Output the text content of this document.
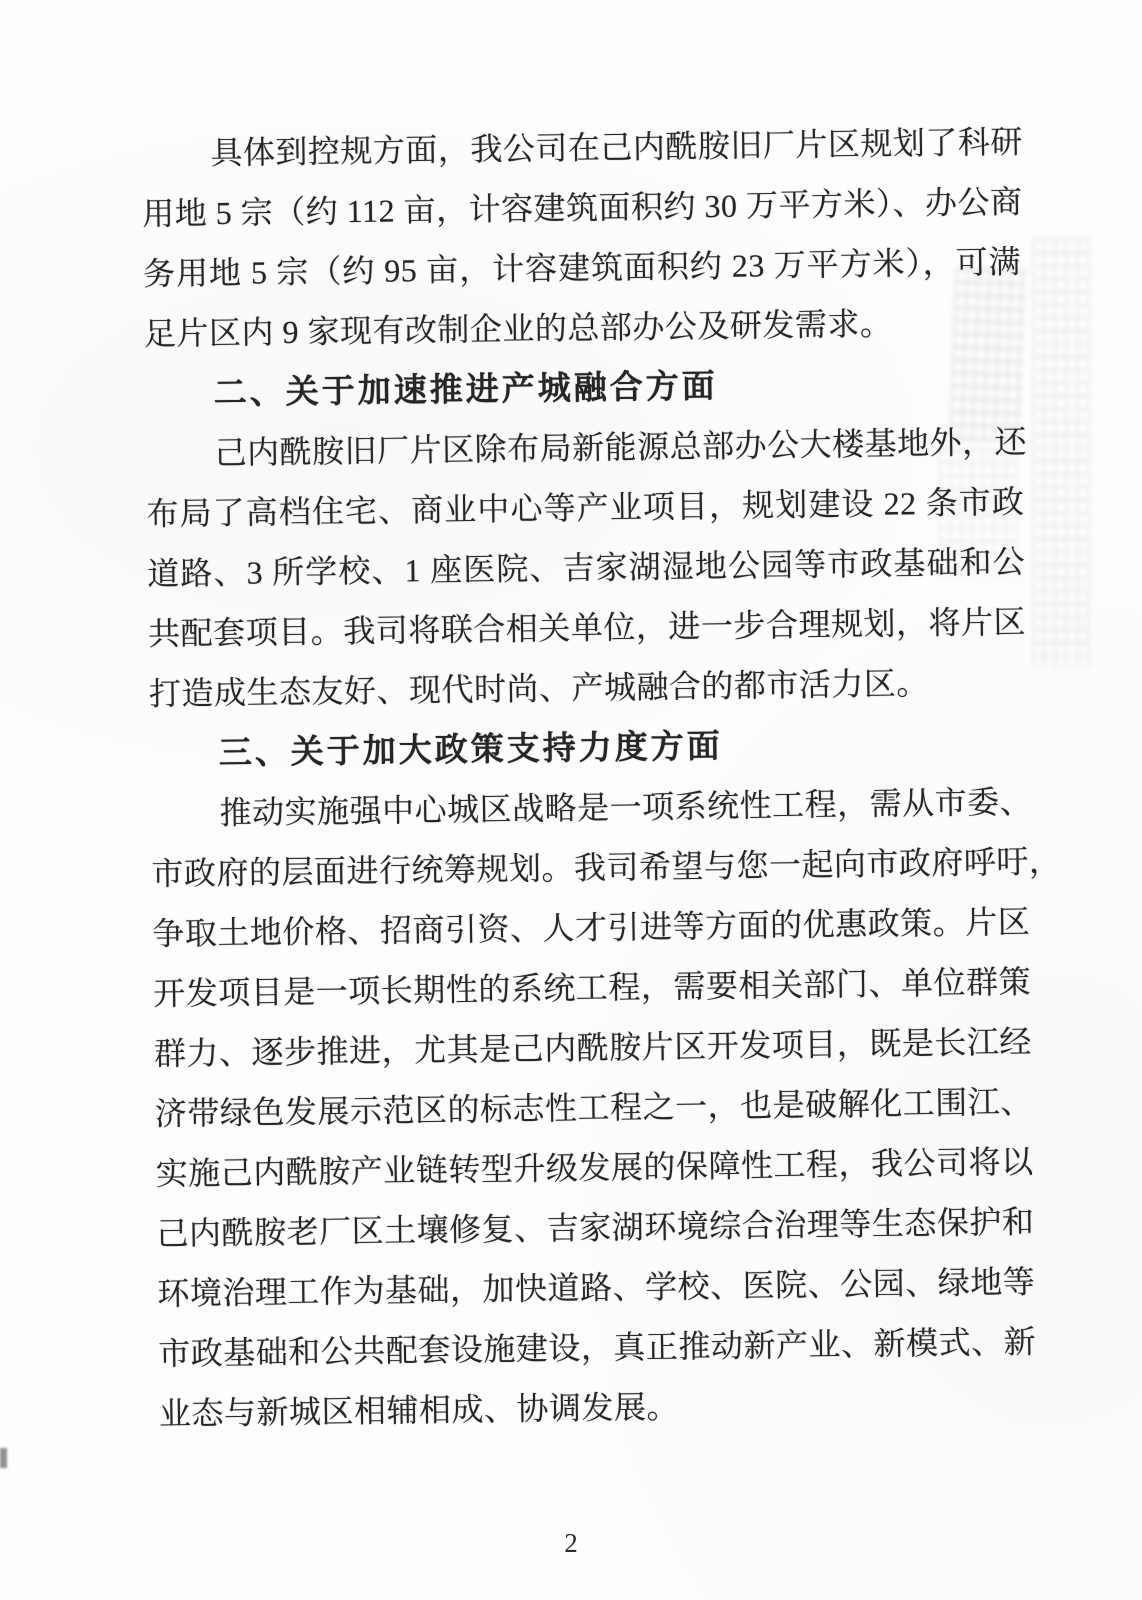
具体到控规方面，我公司在己内酰胺旧厂片区规划了科研
用地 5 宗（约 112 亩，计容建筑面积约 30 万平方米）、办公商
务用地 5 宗（约 95 亩，计容建筑面积约 23 万平方米），可满
足片区内 9 家现有改制企业的总部办公及研发需求。
二、关于加速推进产城融合方面
己内酰胺旧厂片区除布局新能源总部办公大楼基地外，还
布局了高档住宅、商业中心等产业项目，规划建设 22 条市政
道路、3 所学校、1 座医院、吉家湖湿地公园等市政基础和公
共配套项目。我司将联合相关单位，进一步合理规划，将片区
打造成生态友好、现代时尚、产城融合的都市活力区。
三、关于加大政策支持力度方面
推动实施强中心城区战略是一项系统性工程，需从市委、
市政府的层面进行统筹规划。我司希望与您一起向市政府呼吁，
争取土地价格、招商引资、人才引进等方面的优惠政策。片区
开发项目是一项长期性的系统工程，需要相关部门、单位群策
群力、逐步推进，尤其是己内酰胺片区开发项目，既是长江经
济带绿色发展示范区的标志性工程之一，也是破解化工围江、
实施己内酰胺产业链转型升级发展的保障性工程，我公司将以
己内酰胺老厂区土壤修复、吉家湖环境综合治理等生态保护和
环境治理工作为基础，加快道路、学校、医院、公园、绿地等
市政基础和公共配套设施建设，真正推动新产业、新模式、新
业态与新城区相辅相成、协调发展。
2
